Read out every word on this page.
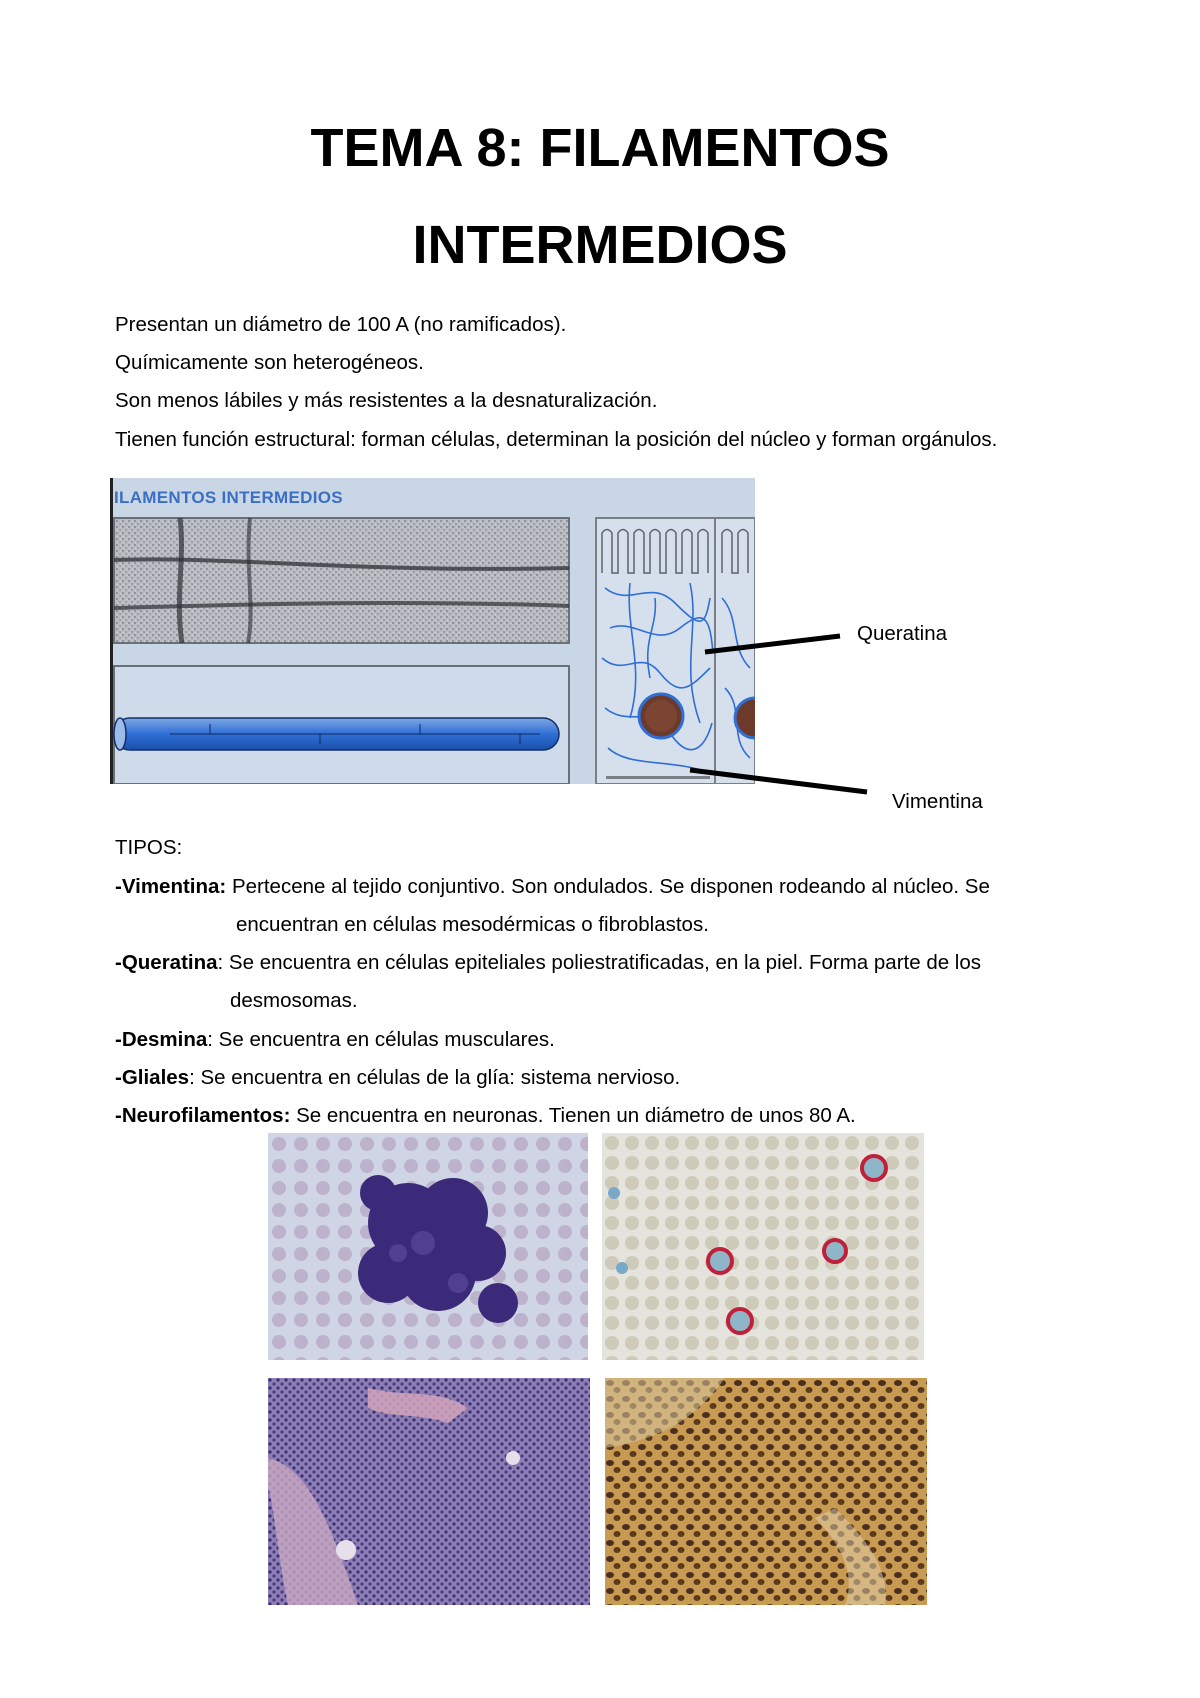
TEMA 8: FILAMENTOS
INTERMEDIOS
Presentan un diámetro de 100 A (no ramificados).
Químicamente son heterogéneos.
Son menos lábiles y más resistentes a la desnaturalización.
Tienen función estructural: forman células, determinan la posición del núcleo y forman orgánulos.
ILAMENTOS INTERMEDIOS
Queratina
Vimentina
TIPOS:
-Vimentina: Pertecene al tejido conjuntivo. Son ondulados. Se disponen rodeando al núcleo. Se
encuentran en células mesodérmicas o fibroblastos.
-Queratina: Se encuentra en células epiteliales poliestratificadas, en la piel. Forma parte de los
desmosomas.
-Desmina: Se encuentra en células musculares.
-Gliales: Se encuentra en células de la glía: sistema nervioso.
-Neurofilamentos: Se encuentra en neuronas. Tienen un diámetro de unos 80 A.
